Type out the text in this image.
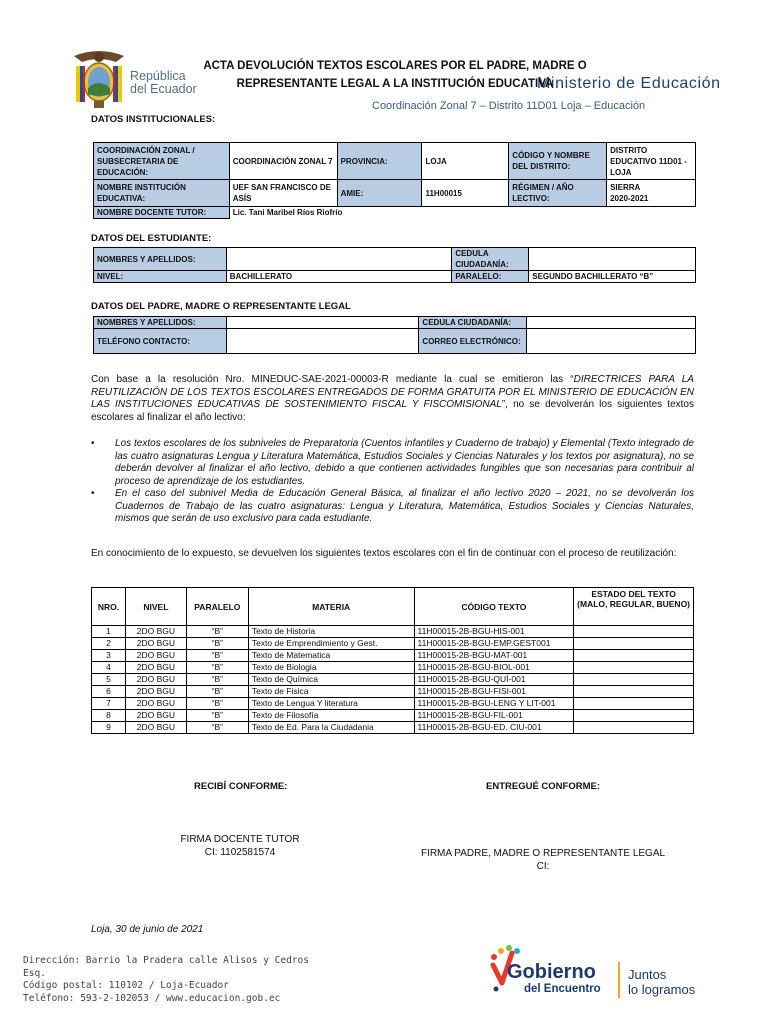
República
del Ecuador	Ministerio de Educación
ACTA DEVOLUCIÓN TEXTOS ESCOLARES POR EL PADRE, MADRE O
REPRESENTANTE LEGAL A LA INSTITUCIÓN EDUCATIVA
Coordinación Zonal 7 – Distrito 11D01 Loja – Educación
DATOS INSTITUCIONALES:
COORDINACIÓN ZONAL / SUBSECRETARIA DE EDUCACIÓN:	COORDINACIÓN ZONAL 7	PROVINCIA:	LOJA	CÓDIGO Y NOMBRE DEL DISTRITO:	DISTRITO EDUCATIVO 11D01 - LOJA
NOMBRE INSTITUCIÓN EDUCATIVA:	UEF SAN FRANCISCO DE ASÍS	AMIE:	11H00015	RÉGIMEN / AÑO LECTIVO:	SIERRA
2020-2021

NOMBRE DOCENTE TUTOR:	Lic. Tani Maribel Ríos Riofrío				
DATOS DEL ESTUDIANTE:
NOMBRES Y APELLIDOS:		CEDULA CIUDADANÍA:	
NIVEL:	BACHILLERATO	PARALELO:	SEGUNDO BACHILLERATO “B”
DATOS DEL PADRE, MADRE O REPRESENTANTE LEGAL
NOMBRES Y APELLIDOS:		CEDULA CIUDADANÍA:	
TELÉFONO CONTACTO:		CORREO ELECTRÓNICO:	
Con base a la resolución Nro. MINEDUC-SAE-2021-00003-R mediante la cual se emitieron las “DIRECTRICES PARA LA REUTILIZACIÓN DE LOS TEXTOS ESCOLARES ENTREGADOS DE FORMA GRATUITA POR EL MINISTERIO DE EDUCACIÓN EN LAS INSTITUCIONES EDUCATIVAS DE SOSTENIMIENTO FISCAL Y FISCOMISIONAL”, no se devolverán los siguientes textos escolares al finalizar el año lectivo:
•	Los textos escolares de los subniveles de Preparatoria (Cuentos infantiles y Cuaderno de trabajo) y Elemental (Texto integrado de las cuatro asignaturas Lengua y Literatura Matemática, Estudios Sociales y Ciencias Naturales y los textos por asignatura), no se deberán devolver al finalizar el año lectivo, debido a que contienen actividades fungibles que son necesarias para contribuir al proceso de aprendizaje de los estudiantes.
•	En el caso del subnivel Media de Educación General Básica, al finalizar el año lectivo 2020 – 2021, no se devolverán los Cuadernos de Trabajo de las cuatro asignaturas: Lengua y Literatura, Matemática, Estudios Sociales y Ciencias Naturales, mismos que serán de uso exclusivo para cada estudiante.
En conocimiento de lo expuesto, se devuelven los siguientes textos escolares con el fin de continuar con el proceso de reutilización:
NRO.	NIVEL	PARALELO	MATERIA	CÓDIGO TEXTO	ESTADO DEL TEXTO (MALO, REGULAR, BUENO)
1	2DO BGU	“B”	Texto de Historia	11H00015-2B-BGU-HIS-001	
2	2DO BGU	“B”	Texto de Emprendimiento y Gest.	11H00015-2B-BGU-EMP.GEST001	
3	2DO BGU	“B”	Texto de Matematica	11H00015-2B-BGU-MAT-001	
4	2DO BGU	“B”	Texto de Biologia	11H00015-2B-BGU-BIOL-001	
5	2DO BGU	“B”	Texto de Química	11H00015-2B-BGU-QUÍ-001	
6	2DO BGU	“B”	Texto de Fisica	11H00015-2B-BGU-FISI-001	
7	2DO BGU	“B”	Texto de Lengua Y literatura	11H00015-2B-BGU-LENG Y LIT-001	
8	2DO BGU	“B”	Texto de Filosofía	11H00015-2B-BGU-FIL-001	
9	2DO BGU	“B”	Texto de Ed. Para la Ciudadania	11H00015-2B-BGU-ED. CIU-001	
RECIBÍ CONFORME:	ENTREGUÉ CONFORME:
FIRMA DOCENTE TUTOR
CI: 1102581574	FIRMA PADRE, MADRE O REPRESENTANTE LEGAL
CI:
Loja, 30 de junio de 2021
Dirección: Barrio la Pradera calle Alisos y Cedros
Esq.
Código postal: 110102 / Loja-Ecuador
Teléfono: 593-2-102053 / www.educacion.gob.ec
Gobierno
del Encuentro
Juntos
lo logramos
